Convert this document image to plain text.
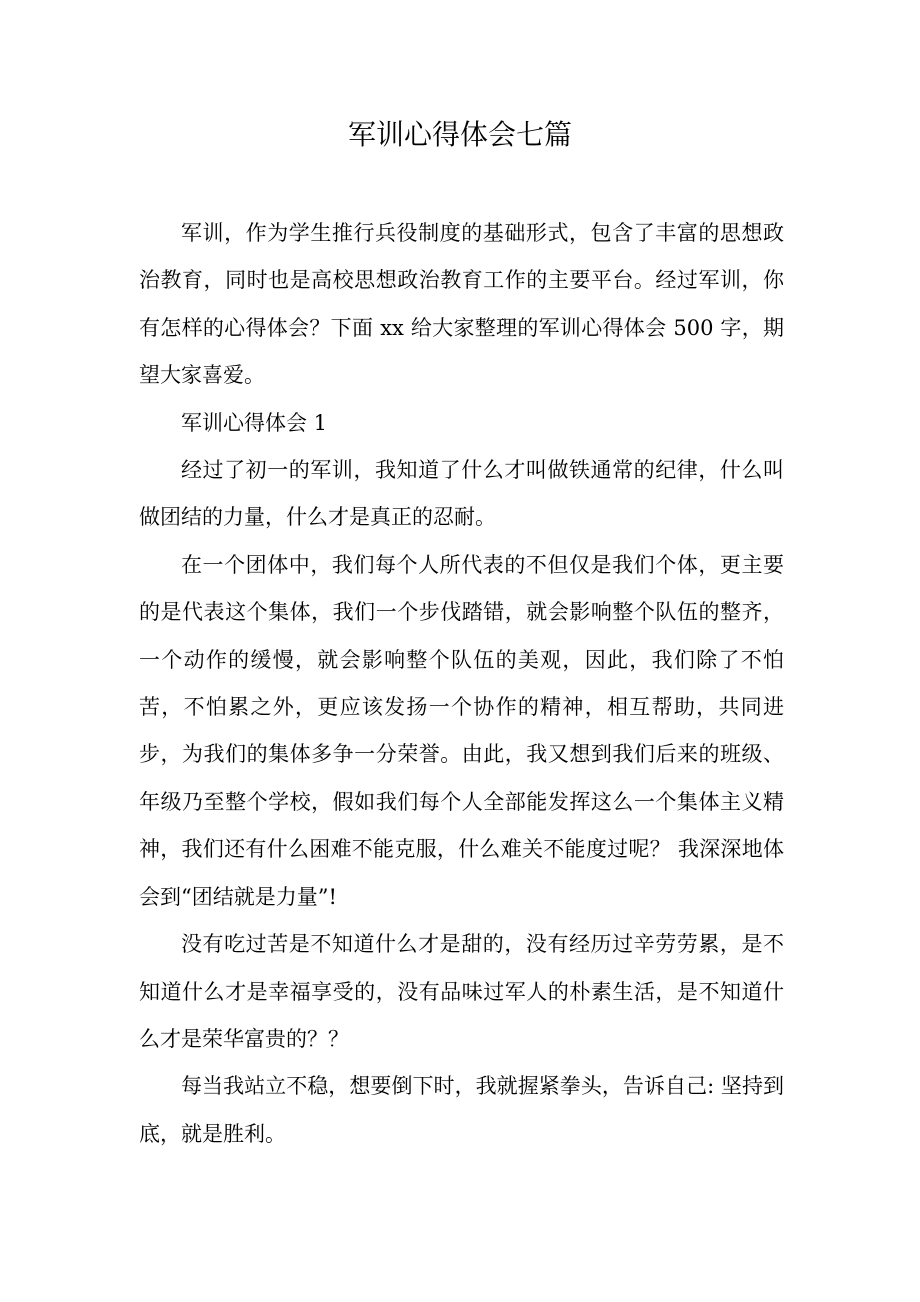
军训心得体会七篇

军训，作为学生推行兵役制度的基础形式，包含了丰富的思想政治教育，同时也是高校思想政治教育工作的主要平台。经过军训，你有怎样的心得体会？下面 xx 给大家整理的军训心得体会 500 字，期望大家喜爱。

军训心得体会 1

经过了初一的军训，我知道了什么才叫做铁通常的纪律，什么叫做团结的力量，什么才是真正的忍耐。

在一个团体中，我们每个人所代表的不但仅是我们个体，更主要的是代表这个集体，我们一个步伐踏错，就会影响整个队伍的整齐，一个动作的缓慢，就会影响整个队伍的美观，因此，我们除了不怕苦，不怕累之外，更应该发扬一个协作的精神，相互帮助，共同进步，为我们的集体多争一分荣誉。由此，我又想到我们后来的班级、年级乃至整个学校，假如我们每个人全部能发挥这么一个集体主义精神，我们还有什么困难不能克服，什么难关不能度过呢？ 我深深地体会到“团结就是力量”!

没有吃过苦是不知道什么才是甜的，没有经历过辛劳劳累，是不知道什么才是幸福享受的，没有品味过军人的朴素生活，是不知道什么才是荣华富贵的？？

每当我站立不稳，想要倒下时，我就握紧拳头，告诉自己: 坚持到底，就是胜利。
